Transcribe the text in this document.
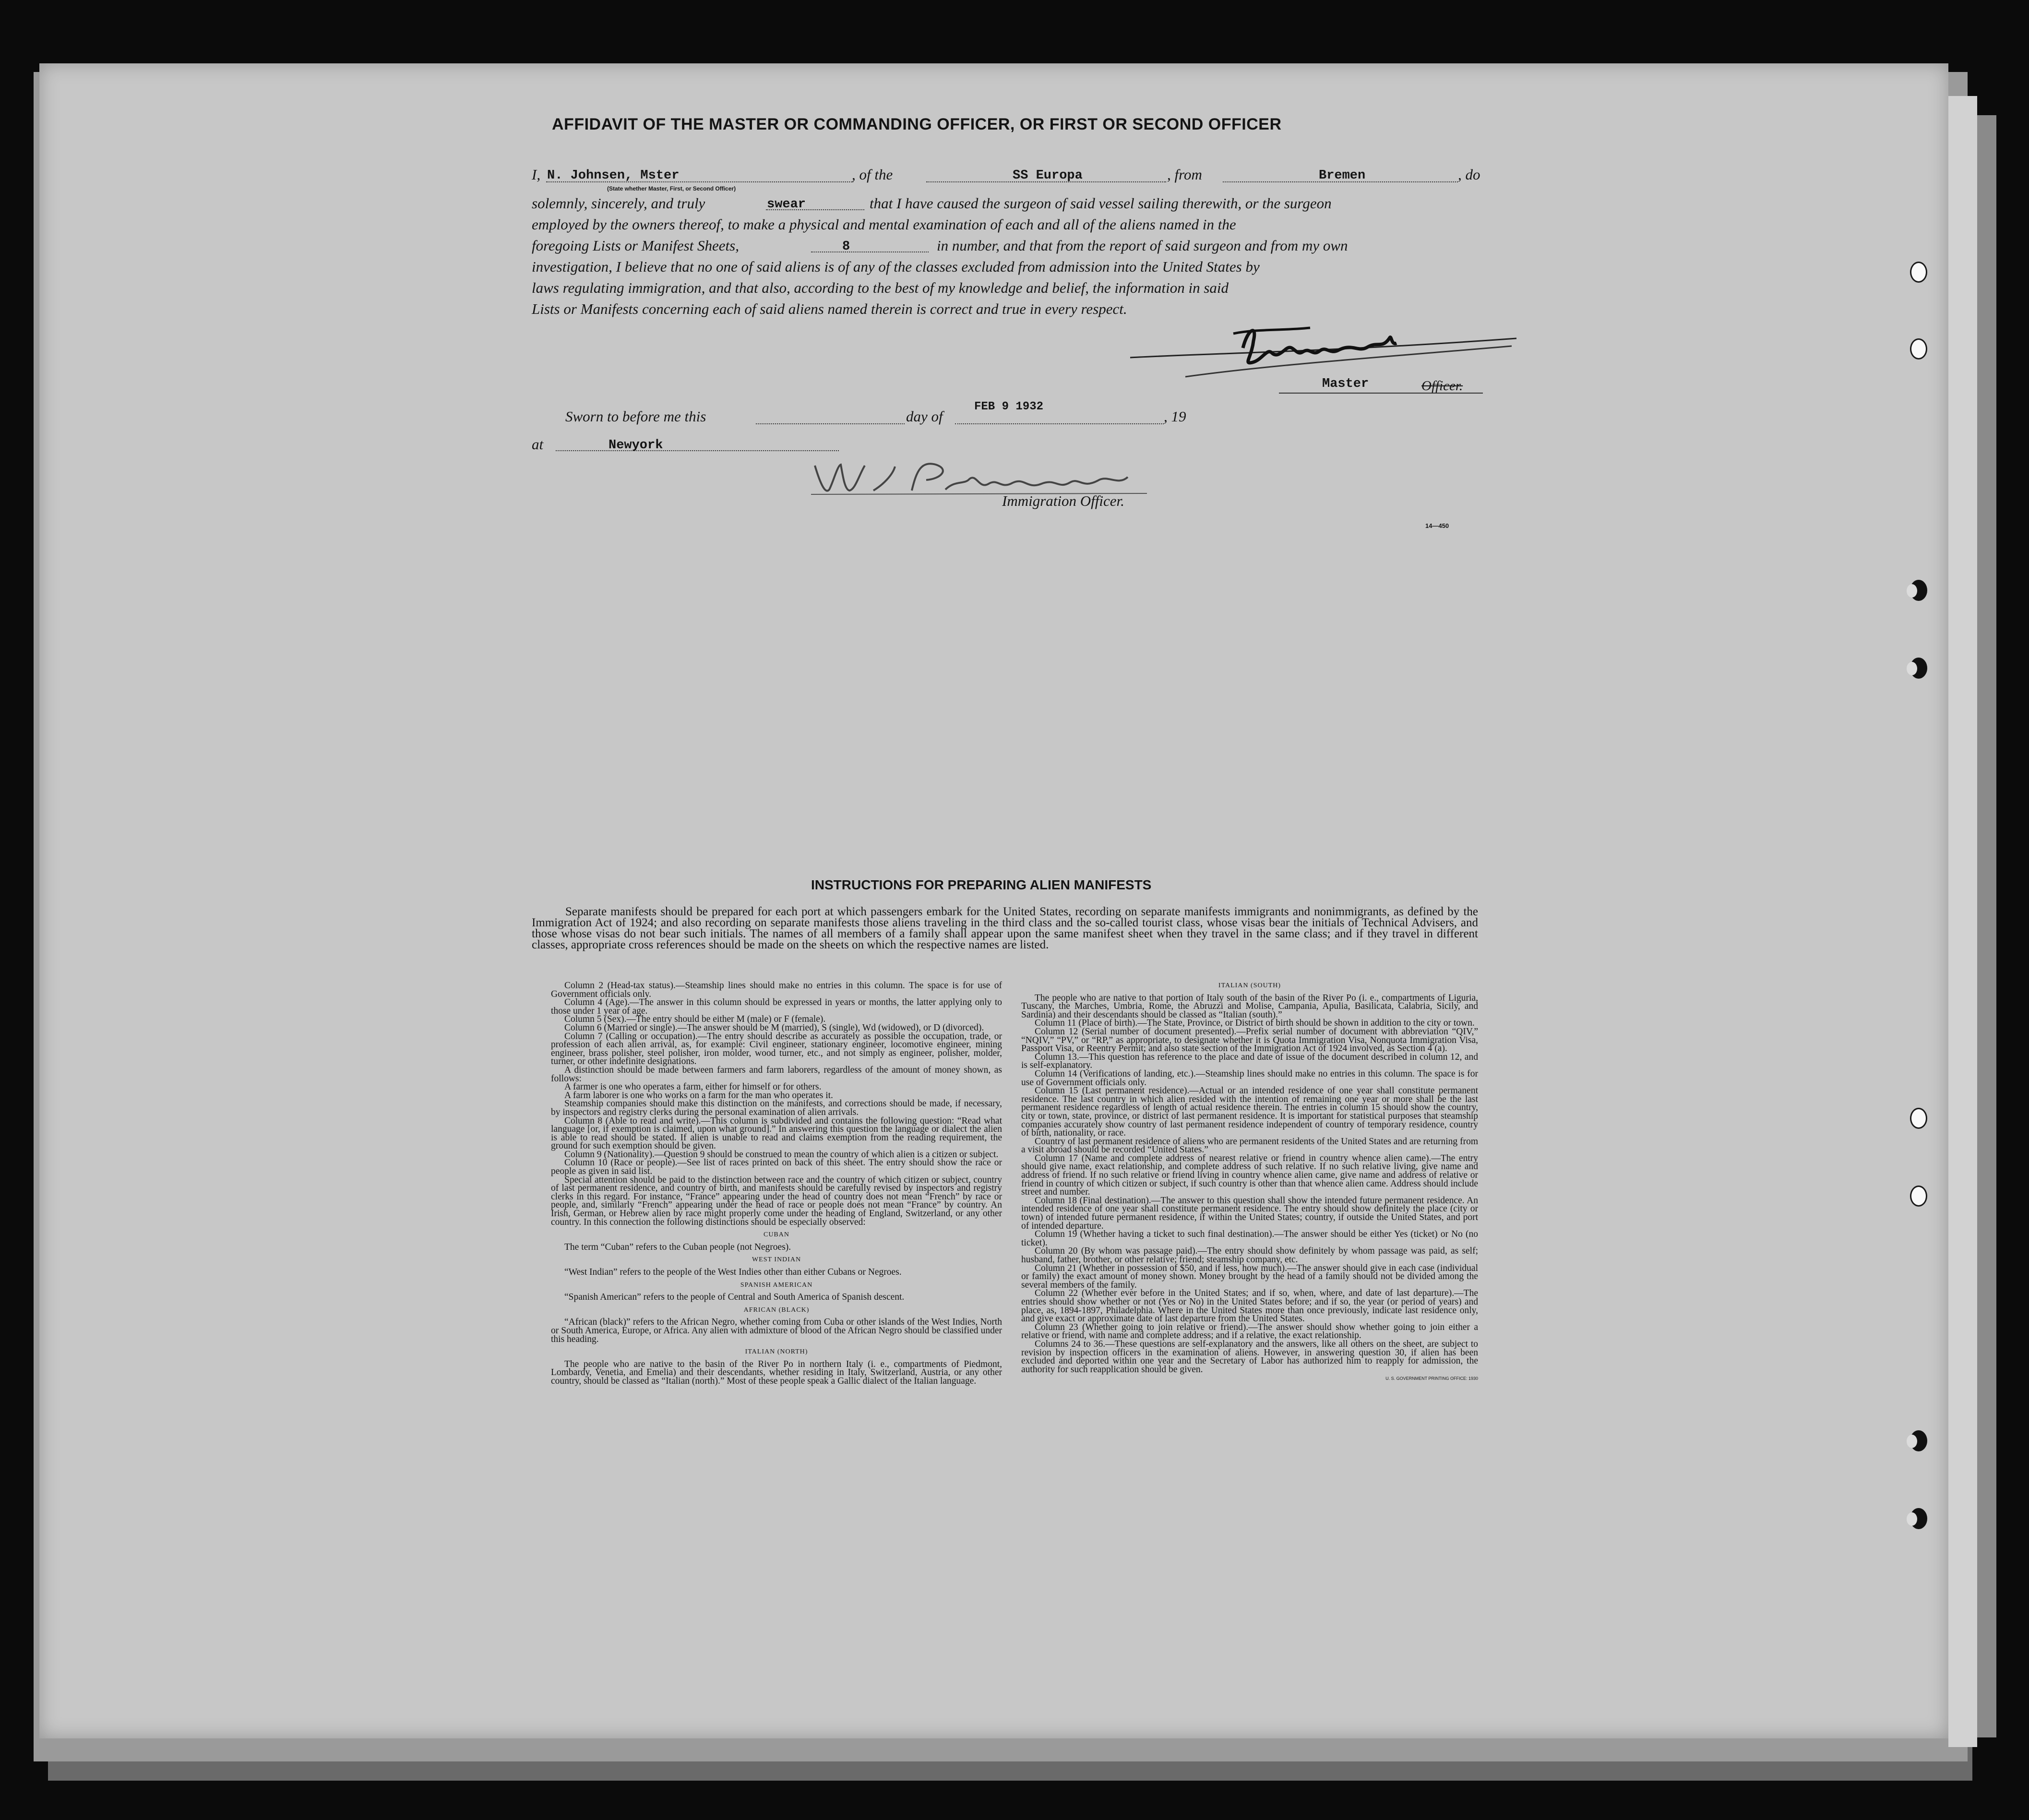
AFFIDAVIT OF THE MASTER OR COMMANDING OFFICER, OR FIRST OR SECOND OFFICER
I, N. Johnsen, Mster	, of the	SS Europa	, from	Bremen	, do
(State whether Master, First, or Second Officer)
solemnly, sincerely, and truly	swear	that I have caused the surgeon of said vessel sailing therewith, or the surgeon
employed by the owners thereof, to make a physical and mental examination of each and all of the aliens named in the
foregoing Lists or Manifest Sheets,	8	in number, and that from the report of said surgeon and from my own
investigation, I believe that no one of said aliens is of any of the classes excluded from admission into the United States by
laws regulating immigration, and that also, according to the best of my knowledge and belief, the information in said
Lists or Manifests concerning each of said aliens named therein is correct and true in every respect.
Master	Officer.
Sworn to before me this	day of
FEB 9 1932
, 19
at	Newyork
Immigration Officer.
14—450
INSTRUCTIONS FOR PREPARING ALIEN MANIFESTS
Separate manifests should be prepared for each port at which passengers embark for the United States, recording on separate manifests immigrants and nonimmigrants, as defined by the Immigration Act of 1924; and also recording on separate manifests those aliens traveling in the third class and the so-called tourist class, whose visas bear the initials of Technical Advisers, and those whose visas do not bear such initials. The names of all members of a family shall appear upon the same manifest sheet when they travel in the same class; and if they travel in different classes, appropriate cross references should be made on the sheets on which the respective names are listed.

Column 2 (Head-tax status).—Steamship lines should make no entries in this column. The space is for use of Government officials only.

Column 4 (Age).—The answer in this column should be expressed in years or months, the latter applying only to those under 1 year of age.

Column 5 (Sex).—The entry should be either M (male) or F (female).

Column 6 (Married or single).—The answer should be M (married), S (single), Wd (widowed), or D (divorced).

Column 7 (Calling or occupation).—The entry should describe as accurately as possible the occupation, trade, or profession of each alien arrival, as, for example: Civil engineer, stationary engineer, locomotive engineer, mining engineer, brass polisher, steel polisher, iron molder, wood turner, etc., and not simply as engineer, polisher, molder, turner, or other indefinite designations.

A distinction should be made between farmers and farm laborers, regardless of the amount of money shown, as follows:

A farmer is one who operates a farm, either for himself or for others.

A farm laborer is one who works on a farm for the man who operates it.

Steamship companies should make this distinction on the manifests, and corrections should be made, if necessary, by inspectors and registry clerks during the personal examination of alien arrivals.

Column 8 (Able to read and write).—This column is subdivided and contains the following question: “Read what language [or, if exemption is claimed, upon what ground].” In answering this question the language or dialect the alien is able to read should be stated. If alien is unable to read and claims exemption from the reading requirement, the ground for such exemption should be given.

Column 9 (Nationality).—Question 9 should be construed to mean the country of which alien is a citizen or subject.

Column 10 (Race or people).—See list of races printed on back of this sheet. The entry should show the race or people as given in said list.

Special attention should be paid to the distinction between race and the country of which citizen or subject, country of last permanent residence, and country of birth, and manifests should be carefully revised by inspectors and registry clerks in this regard. For instance, “France” appearing under the head of country does not mean “French” by race or people, and, similarly “French” appearing under the head of race or people does not mean “France” by country. An Irish, German, or Hebrew alien by race might properly come under the heading of England, Switzerland, or any other country. In this connection the following distinctions should be especially observed:

CUBAN

The term “Cuban” refers to the Cuban people (not Negroes).

WEST INDIAN

“West Indian” refers to the people of the West Indies other than either Cubans or Negroes.

SPANISH AMERICAN

“Spanish American” refers to the people of Central and South America of Spanish descent.

AFRICAN (BLACK)

“African (black)” refers to the African Negro, whether coming from Cuba or other islands of the West Indies, North or South America, Europe, or Africa. Any alien with admixture of blood of the African Negro should be classified under this heading.

ITALIAN (NORTH)

The people who are native to the basin of the River Po in northern Italy (i. e., compartments of Piedmont, Lombardy, Venetia, and Emelia) and their descendants, whether residing in Italy, Switzerland, Austria, or any other country, should be classed as “Italian (north).” Most of these people speak a Gallic dialect of the Italian language.

ITALIAN (SOUTH)

The people who are native to that portion of Italy south of the basin of the River Po (i. e., compartments of Liguria, Tuscany, the Marches, Umbria, Rome, the Abruzzi and Molise, Campania, Apulia, Basilicata, Calabria, Sicily, and Sardinia) and their descendants should be classed as “Italian (south).”

Column 11 (Place of birth).—The State, Province, or District of birth should be shown in addition to the city or town.

Column 12 (Serial number of document presented).—Prefix serial number of document with abbreviation “QIV,” “NQIV,” “PV,” or “RP,” as appropriate, to designate whether it is Quota Immigration Visa, Nonquota Immigration Visa, Passport Visa, or Reentry Permit; and also state section of the Immigration Act of 1924 involved, as Section 4 (a).

Column 13.—This question has reference to the place and date of issue of the document described in column 12, and is self-explanatory.

Column 14 (Verifications of landing, etc.).—Steamship lines should make no entries in this column. The space is for use of Government officials only.

Column 15 (Last permanent residence).—Actual or an intended residence of one year shall constitute permanent residence. The last country in which alien resided with the intention of remaining one year or more shall be the last permanent residence regardless of length of actual residence therein. The entries in column 15 should show the country, city or town, state, province, or district of last permanent residence. It is important for statistical purposes that steamship companies accurately show country of last permanent residence independent of country of temporary residence, country of birth, nationality, or race.

Country of last permanent residence of aliens who are permanent residents of the United States and are returning from a visit abroad should be recorded “United States.”

Column 17 (Name and complete address of nearest relative or friend in country whence alien came).—The entry should give name, exact relationship, and complete address of such relative. If no such relative living, give name and address of friend. If no such relative or friend living in country whence alien came, give name and address of relative or friend in country of which citizen or subject, if such country is other than that whence alien came. Address should include street and number.

Column 18 (Final destination).—The answer to this question shall show the intended future permanent residence. An intended residence of one year shall constitute permanent residence. The entry should show definitely the place (city or town) of intended future permanent residence, if within the United States; country, if outside the United States, and port of intended departure.

Column 19 (Whether having a ticket to such final destination).—The answer should be either Yes (ticket) or No (no ticket).

Column 20 (By whom was passage paid).—The entry should show definitely by whom passage was paid, as self; husband, father, brother, or other relative; friend; steamship company, etc.

Column 21 (Whether in possession of $50, and if less, how much).—The answer should give in each case (individual or family) the exact amount of money shown. Money brought by the head of a family should not be divided among the several members of the family.

Column 22 (Whether ever before in the United States; and if so, when, where, and date of last departure).—The entries should show whether or not (Yes or No) in the United States before; and if so, the year (or period of years) and place, as, 1894-1897, Philadelphia. Where in the United States more than once previously, indicate last residence only, and give exact or approximate date of last departure from the United States.

Column 23 (Whether going to join relative or friend).—The answer should show whether going to join either a relative or friend, with name and complete address; and if a relative, the exact relationship.

Columns 24 to 36.—These questions are self-explanatory and the answers, like all others on the sheet, are subject to revision by inspection officers in the examination of aliens. However, in answering question 30, if alien has been excluded and deported within one year and the Secretary of Labor has authorized him to reapply for admission, the authority for such reapplication should be given.

U. S. GOVERNMENT PRINTING OFFICE: 1930
